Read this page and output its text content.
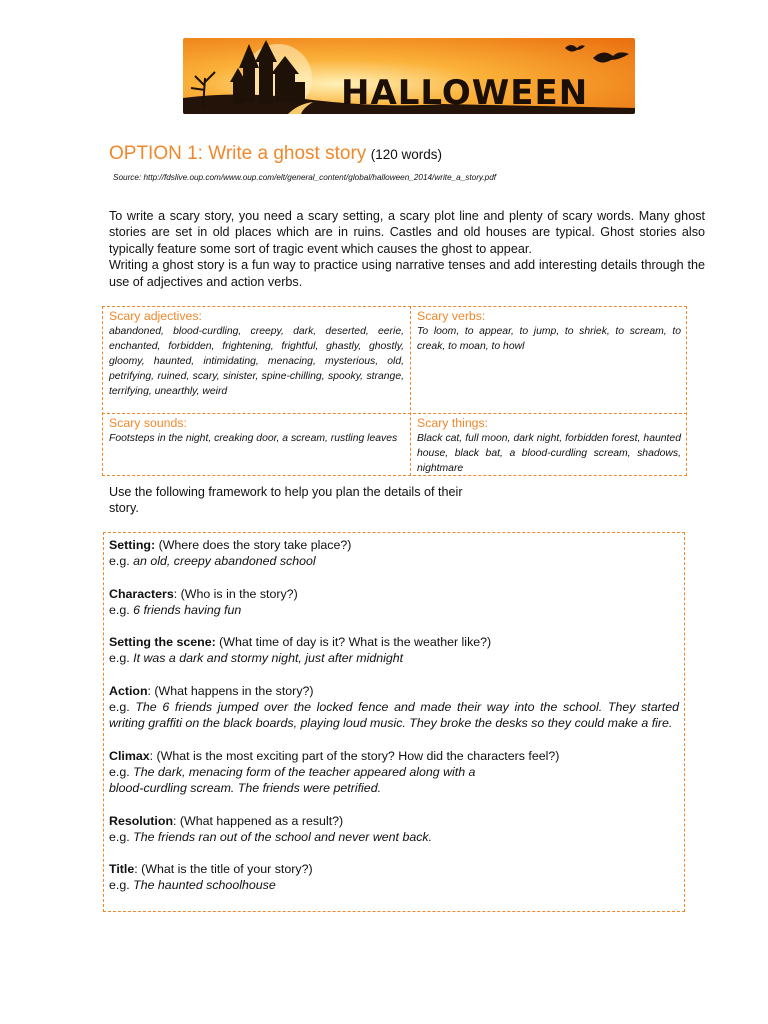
HALLOWEEN
OPTION 1: Write a ghost story (120 words)
Source: http://fdslive.oup.com/www.oup.com/elt/general_content/global/halloween_2014/write_a_story.pdf

To write a scary story, you need a scary setting, a scary plot line and plenty of scary words. Many ghost stories are set in old places which are in ruins. Castles and old houses are typical. Ghost stories also typically feature some sort of tragic event which causes the ghost to appear.

Writing a ghost story is a fun way to practice using narrative tenses and add interesting details through the use of adjectives and action verbs.

Scary adjectives:
abandoned, blood-curdling, creepy, dark, deserted, eerie, enchanted, forbidden, frightening, frightful, ghastly, ghostly, gloomy, haunted, intimidating, menacing, mysterious, old, petrifying, ruined, scary, sinister, spine-chilling, spooky, strange, terrifying, unearthly, weird
Scary verbs:
To loom, to appear, to jump, to shriek, to scream, to creak, to moan, to howl
Scary sounds:
Footsteps in the night, creaking door, a scream, rustling leaves
Scary things:
Black cat, full moon, dark night, forbidden forest, haunted house, black bat, a blood-curdling scream, shadows, nightmare
Use the following framework to help you plan the details of their story.
Setting: (Where does the story take place?)
e.g. an old, creepy abandoned school
Characters: (Who is in the story?)
e.g. 6 friends having fun
Setting the scene: (What time of day is it? What is the weather like?)
e.g. It was a dark and stormy night, just after midnight
Action: (What happens in the story?)
e.g. The 6 friends jumped over the locked fence and made their way into the school. They started writing graffiti on the black boards, playing loud music. They broke the desks so they could make a fire.
Climax: (What is the most exciting part of the story? How did the characters feel?)
e.g. The dark, menacing form of the teacher appeared along with a
blood-curdling scream. The friends were petrified.
Resolution: (What happened as a result?)
e.g. The friends ran out of the school and never went back.
Title: (What is the title of your story?)
e.g. The haunted schoolhouse
